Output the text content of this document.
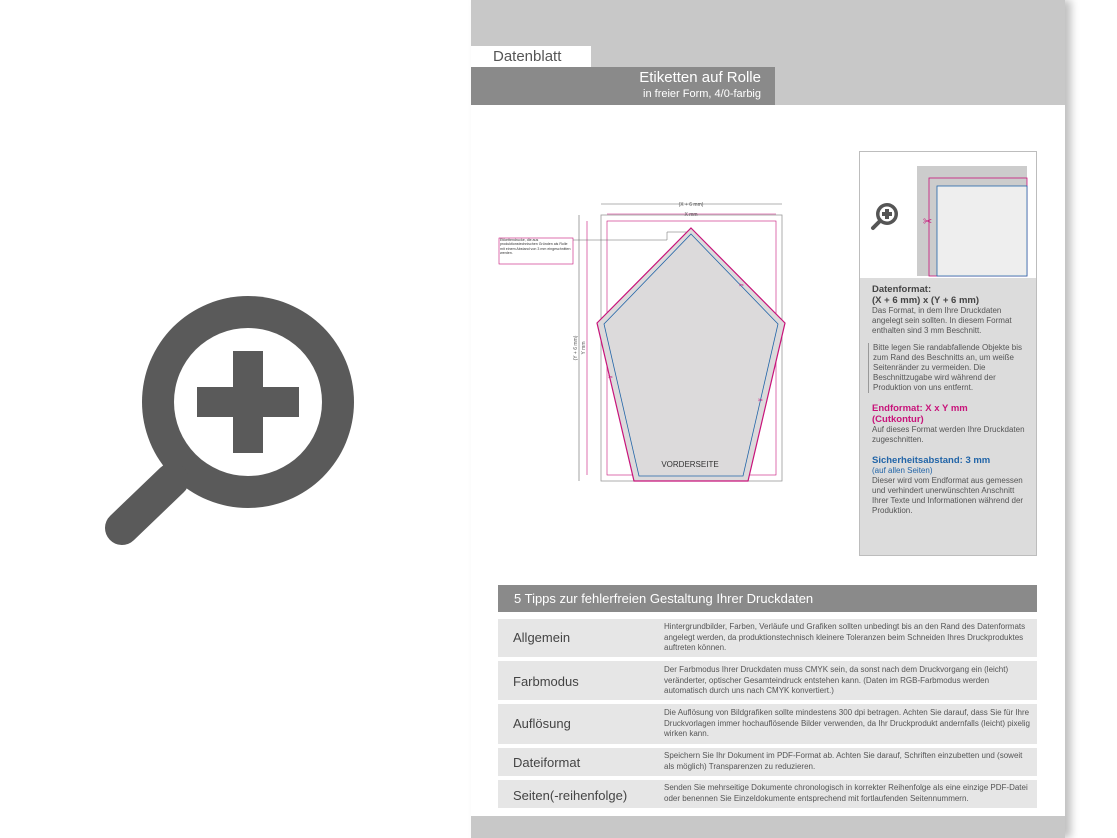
Datenblatt
Etiketten auf Rolle
in freier Form, 4/0-farbig
(X + 6 mm)
X mm
(Y + 6 mm) Y mm
Etikettendrucke, die aus produktionstechnischen Gründen als Rolle mit einem Abstand von 3 mm eingeschnitten werden.
✂
✂
✂
VORDERSEITE
✂

Datenformat:

(X + 6 mm) x (Y + 6 mm)

Das Format, in dem Ihre Druckdaten angelegt sein sollten. In diesem Format enthalten sind 3 mm Beschnitt.

Bitte legen Sie randabfallende Objekte bis zum Rand des Beschnitts an, um weiße Seitenränder zu vermeiden. Die Beschnittzugabe wird während der Produktion von uns entfernt.

Endformat: X x Y mm

(Cutkontur)

Auf dieses Format werden Ihre Druckdaten zugeschnitten.

Sicherheitsabstand: 3 mm

(auf allen Seiten)

Dieser wird vom Endformat aus gemessen und verhindert unerwünschten Anschnitt Ihrer Texte und Informationen während der Produktion.

5 Tipps zur fehlerfreien Gestaltung Ihrer Druckdaten
Allgemein
Hintergrundbilder, Farben, Verläufe und Grafiken sollten unbedingt bis an den Rand des Datenformats angelegt werden, da produktionstechnisch kleinere Toleranzen beim Schneiden Ihres Druckproduktes auftreten können.
Farbmodus
Der Farbmodus Ihrer Druckdaten muss CMYK sein, da sonst nach dem Druckvorgang ein (leicht) veränderter, optischer Gesamteindruck entstehen kann. (Daten im RGB-Farbmodus werden automatisch durch uns nach CMYK konvertiert.)
Auflösung
Die Auflösung von Bildgrafiken sollte mindestens 300 dpi betragen. Achten Sie darauf, dass Sie für Ihre Druckvorlagen immer hochauflösende Bilder verwenden, da Ihr Druckprodukt andernfalls (leicht) pixelig wirken kann.
Dateiformat	Speichern Sie Ihr Dokument im PDF-Format ab. Achten Sie darauf, Schriften einzubetten und (soweit als möglich) Transparenzen zu reduzieren.
Seiten(-reihenfolge)
Senden Sie mehrseitige Dokumente chronologisch in korrekter Reihenfolge als eine einzige PDF-Datei oder benennen Sie Einzeldokumente entsprechend mit fortlaufenden Seitennummern.
